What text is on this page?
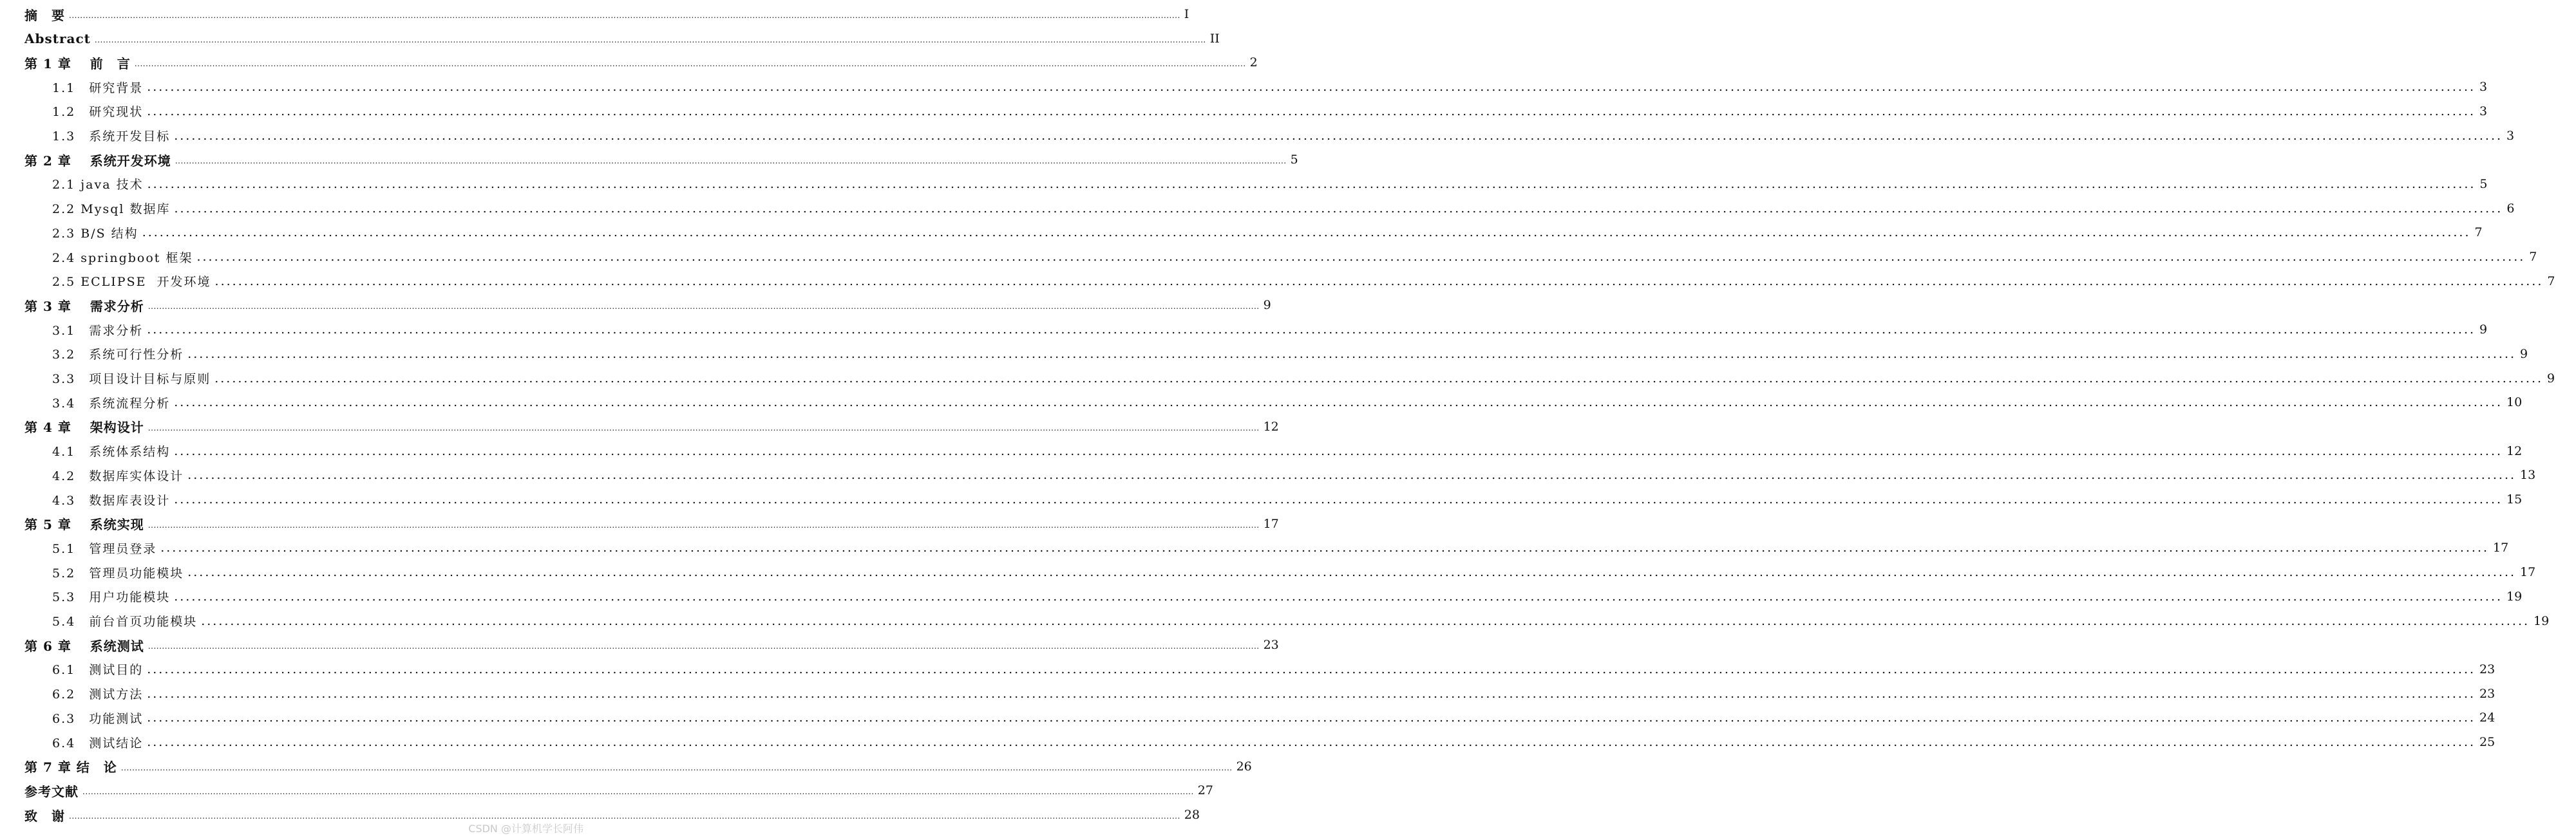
摘　要 ................................................................................................................................................................................................................................................................................................................................................................................................................ I
Abstract ................................................................................................................................................................................................................................................................................................................................................................................................................ II
第 1 章　 前　言 ................................................................................................................................................................................................................................................................................................................................................................................................................ 2
1.1　研究背景 ................................................................................................................................................................................................................................................................................................................................................................................................................ 3
1.2　研究现状 ................................................................................................................................................................................................................................................................................................................................................................................................................ 3
1.3　系统开发目标 ................................................................................................................................................................................................................................................................................................................................................................................................................ 3
第 2 章　 系统开发环境 ................................................................................................................................................................................................................................................................................................................................................................................................................ 5
2.1 java 技术 ................................................................................................................................................................................................................................................................................................................................................................................................................ 5
2.2 Mysql 数据库 ................................................................................................................................................................................................................................................................................................................................................................................................................ 6
2.3 B/S 结构 ................................................................................................................................................................................................................................................................................................................................................................................................................ 7
2.4 springboot 框架 ................................................................................................................................................................................................................................................................................................................................................................................................................ 7
2.5 ECLIPSE  开发环境 ................................................................................................................................................................................................................................................................................................................................................................................................................ 7
第 3 章　 需求分析 ................................................................................................................................................................................................................................................................................................................................................................................................................ 9
3.1　需求分析 ................................................................................................................................................................................................................................................................................................................................................................................................................ 9
3.2　系统可行性分析 ................................................................................................................................................................................................................................................................................................................................................................................................................ 9
3.3　项目设计目标与原则 ................................................................................................................................................................................................................................................................................................................................................................................................................ 9
3.4　系统流程分析 ................................................................................................................................................................................................................................................................................................................................................................................................................ 10
第 4 章　 架构设计 ................................................................................................................................................................................................................................................................................................................................................................................................................ 12
4.1　系统体系结构 ................................................................................................................................................................................................................................................................................................................................................................................................................ 12
4.2　数据库实体设计 ................................................................................................................................................................................................................................................................................................................................................................................................................ 13
4.3　数据库表设计 ................................................................................................................................................................................................................................................................................................................................................................................................................ 15
第 5 章　 系统实现 ................................................................................................................................................................................................................................................................................................................................................................................................................ 17
5.1　管理员登录 ................................................................................................................................................................................................................................................................................................................................................................................................................ 17
5.2　管理员功能模块 ................................................................................................................................................................................................................................................................................................................................................................................................................ 17
5.3　用户功能模块 ................................................................................................................................................................................................................................................................................................................................................................................................................ 19
5.4　前台首页功能模块 ................................................................................................................................................................................................................................................................................................................................................................................................................ 19
第 6 章　 系统测试 ................................................................................................................................................................................................................................................................................................................................................................................................................ 23
6.1　测试目的 ................................................................................................................................................................................................................................................................................................................................................................................................................ 23
6.2　测试方法 ................................................................................................................................................................................................................................................................................................................................................................................................................ 23
6.3　功能测试 ................................................................................................................................................................................................................................................................................................................................................................................................................ 24
6.4　测试结论 ................................................................................................................................................................................................................................................................................................................................................................................................................ 25
第 7 章 结　论 ................................................................................................................................................................................................................................................................................................................................................................................................................ 26
参考文献 ................................................................................................................................................................................................................................................................................................................................................................................................................ 27
致　谢 ................................................................................................................................................................................................................................................................................................................................................................................................................ 28
CSDN @计算机学长阿伟
